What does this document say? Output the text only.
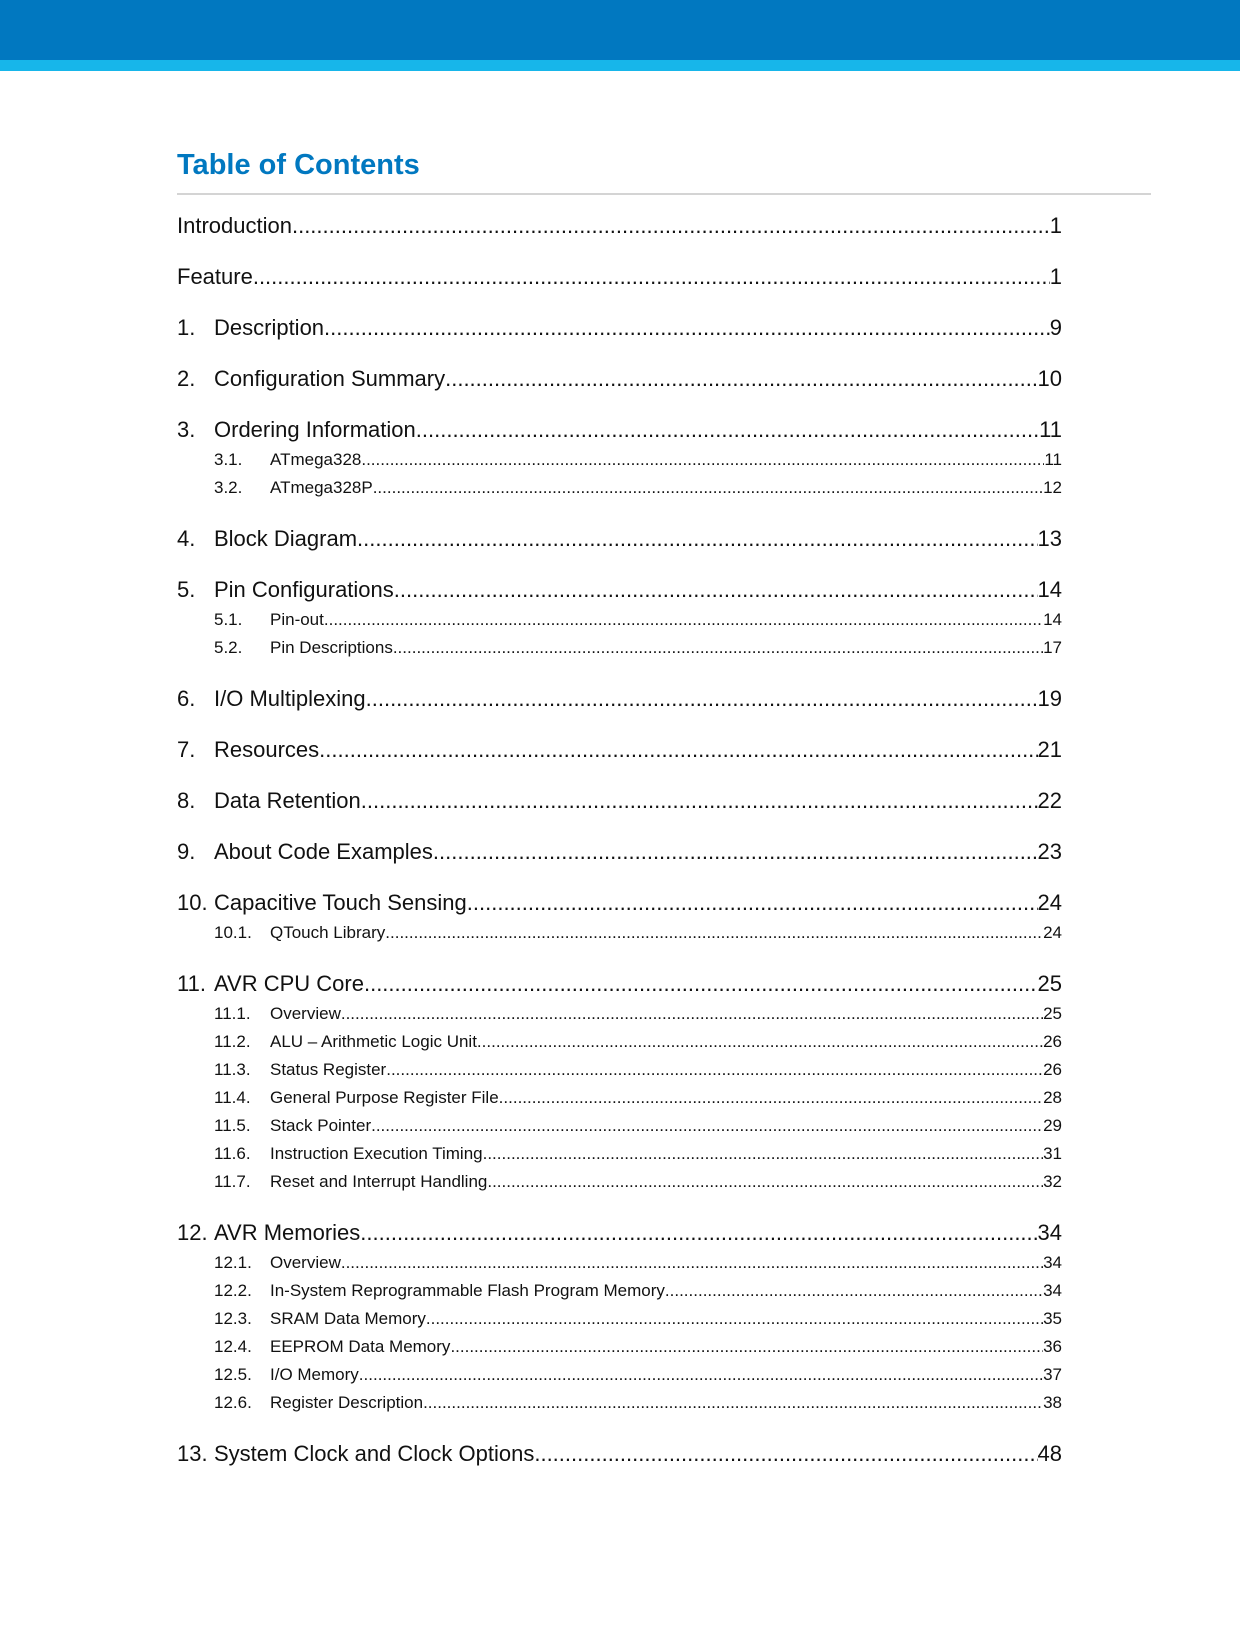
Table of Contents
Introduction .....	1
Feature .....	1
1. Description .....	9
2. Configuration Summary .....	10
3. Ordering Information .....	11
3.1. ATmega328 .....	11
3.2. ATmega328P .....	12
4. Block Diagram .....	13
5. Pin Configurations .....	14
5.1. Pin-out .....	14
5.2. Pin Descriptions .....	17
6. I/O Multiplexing .....	19
7. Resources .....	21
8. Data Retention .....	22
9. About Code Examples .....	23
10. Capacitive Touch Sensing .....	24
10.1. QTouch Library .....	24
11. AVR CPU Core .....	25
11.1. Overview .....	25
11.2. ALU – Arithmetic Logic Unit .....	26
11.3. Status Register .....	26
11.4. General Purpose Register File .....	28
11.5. Stack Pointer .....	29
11.6. Instruction Execution Timing .....	31
11.7. Reset and Interrupt Handling .....	32
12. AVR Memories .....	34
12.1. Overview .....	34
12.2. In-System Reprogrammable Flash Program Memory .....	34
12.3. SRAM Data Memory .....	35
12.4. EEPROM Data Memory .....	36
12.5. I/O Memory .....	37
12.6. Register Description .....	38
13. System Clock and Clock Options .....	48
